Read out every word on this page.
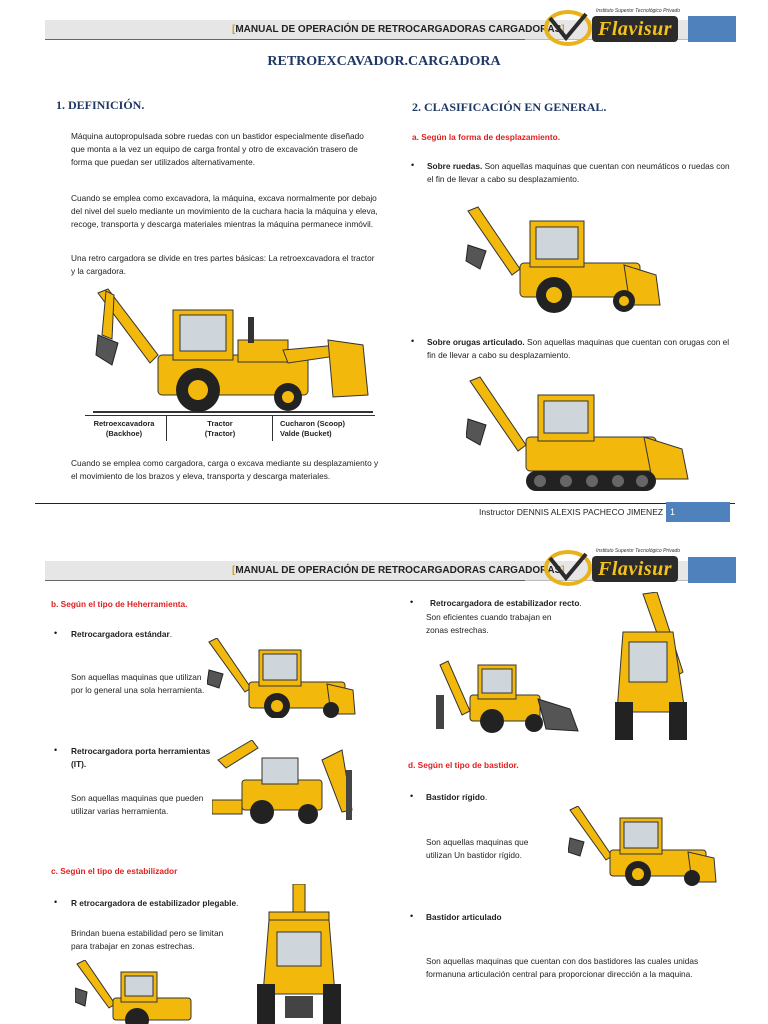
[MANUAL DE OPERACIÓN DE RETROCARGADORAS CARGADORAS]
Instituto Superior Tecnológico Privado
Flavisur
RETROEXCAVADOR.CARGADORA
1. DEFINICIÓN.
Máquina autopropulsada sobre ruedas con un bastidor especialmente diseñado que monta a la vez un equipo de carga frontal y otro de excavación trasero de forma que puedan ser utilizados alternativamente.
Cuando se emplea como excavadora, la máquina, excava normalmente por debajo del nivel del suelo mediante un movimiento de la cuchara hacia la máquina y eleva, recoge, transporta y descarga materiales mientras la máquina permanece inmóvil.
Una retro cargadora se divide en tres partes básicas: La retroexcavadora el tractor y la cargadora.
Retroexcavadora
(Backhoe)
Tractor
(Tractor)
Cucharon (Scoop)
Valde (Bucket)
Cuando se emplea como cargadora, carga o excava mediante su desplazamiento y el movimiento de los brazos y eleva, transporta y descarga materiales.
2. CLASIFICACIÓN EN GENERAL.
a. Según la forma de desplazamiento.
• Sobre ruedas. Son aquellas maquinas que cuentan con neumáticos o ruedas con el fin de llevar a cabo su desplazamiento.
• Sobre orugas articulado. Son aquellas maquinas que cuentan con orugas con el fin de llevar a cabo su desplazamiento.
Instructor DENNIS ALEXIS PACHECO JIMENEZ 1
[MANUAL DE OPERACIÓN DE RETROCARGADORAS CARGADORAS]
Instituto Superior Tecnológico Privado
Flavisur
b. Según el tipo de Heherramienta.
• Retrocargadora estándar.
Son aquellas maquinas que utilizan por lo general una sola herramienta.
• Retrocargadora porta herramientas (IT).
Son aquellas maquinas que pueden utilizar varias herramienta.
c. Según el tipo de estabilizador
• R etrocargadora de estabilizador plegable.
Brindan buena estabilidad pero se limitan para trabajar en zonas estrechas.
• Retrocargadora de estabilizador recto.
Son eficientes cuando trabajan en zonas estrechas.
d. Según el tipo de bastidor.
• Bastidor rígido.
Son aquellas maquinas que utilizan Un bastidor rígido.
• Bastidor articulado
Son aquellas maquinas que cuentan con dos bastidores las cuales unidas formanuna articulación central para proporcionar dirección a la maquina.
